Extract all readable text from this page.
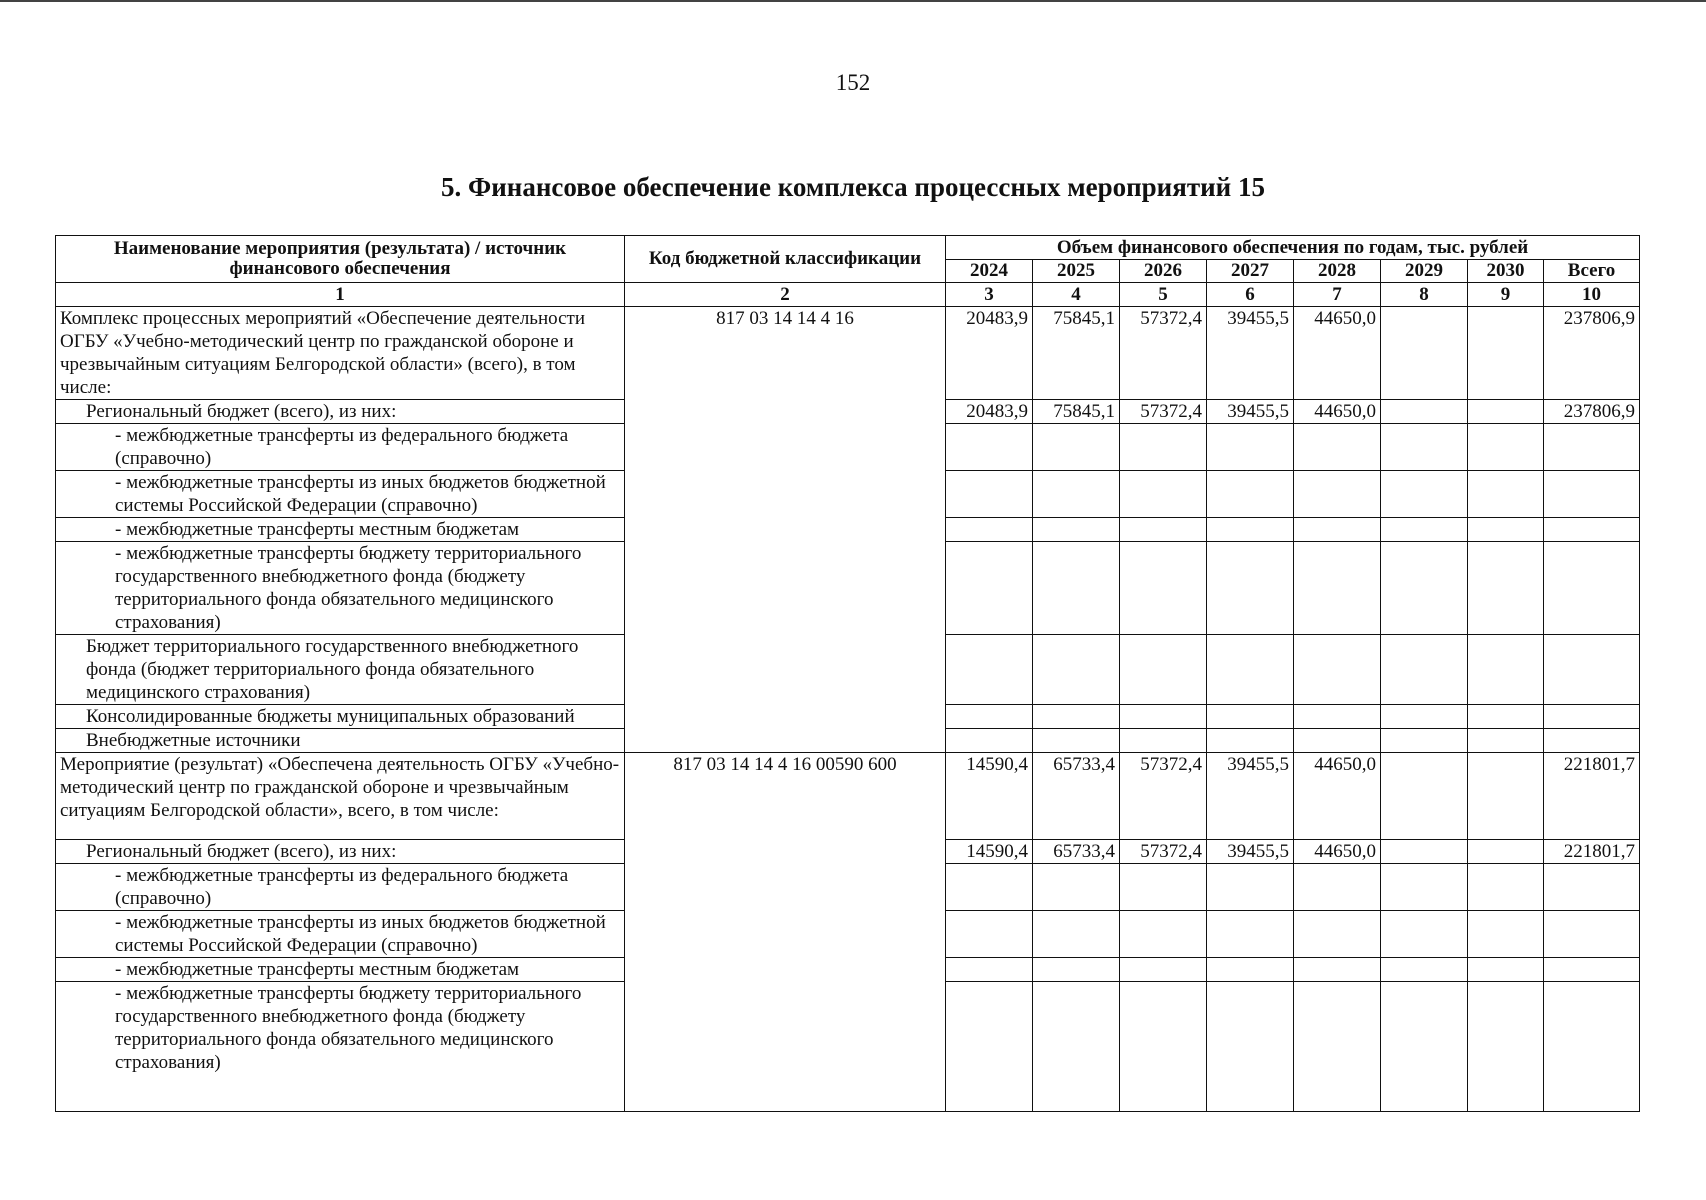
152
5. Финансовое обеспечение комплекса процессных мероприятий 15
Наименование мероприятия (результата) / источник финансового обеспечения	Код бюджетной классификации	Объем финансового обеспечения по годам, тыс. рублей							
		2024	2025	2026	2027	2028	2029	2030	Всего
1	2	3	4	5	6	7	8	9	10
Комплекс процессных мероприятий «Обеспечение деятельности ОГБУ «Учебно-методический центр по гражданской обороне и чрезвычайным ситуациям Белгородской области» (всего), в том числе:	817 03 14 14 4 16	20483,9	75845,1	57372,4	39455,5	44650,0			237806,9
Региональный бюджет (всего), из них:		20483,9	75845,1	57372,4	39455,5	44650,0			237806,9
- межбюджетные трансферты из федерального бюджета (справочно)									
- межбюджетные трансферты из иных бюджетов бюджетной системы Российской Федерации (справочно)									
- межбюджетные трансферты местным бюджетам									
- межбюджетные трансферты бюджету территориального государственного внебюджетного фонда (бюджету территориального фонда обязательного медицинского страхования)									
Бюджет территориального государственного внебюджетного фонда (бюджет территориального фонда обязательного медицинского страхования)									
Консолидированные бюджеты муниципальных образований									
Внебюджетные источники									
Мероприятие (результат) «Обеспечена деятельность ОГБУ «Учебно-методический центр по гражданской обороне и чрезвычайным ситуациям Белгородской области», всего, в том числе:	817 03 14 14 4 16 00590 600	14590,4	65733,4	57372,4	39455,5	44650,0			221801,7
Региональный бюджет (всего), из них:		14590,4	65733,4	57372,4	39455,5	44650,0			221801,7
- межбюджетные трансферты из федерального бюджета (справочно)									
- межбюджетные трансферты из иных бюджетов бюджетной системы Российской Федерации (справочно)									
- межбюджетные трансферты местным бюджетам									
- межбюджетные трансферты бюджету территориального государственного внебюджетного фонда (бюджету территориального фонда обязательного медицинского страхования)									
